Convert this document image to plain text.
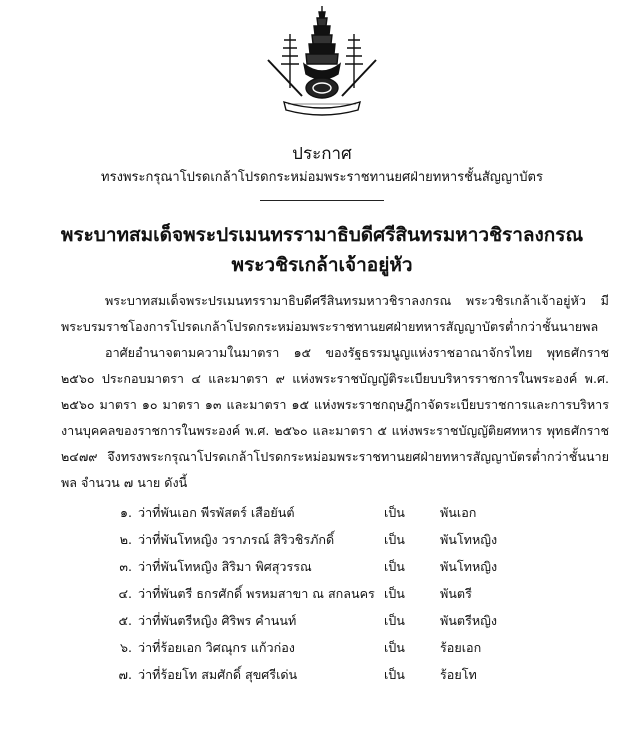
ประกาศ
ทรงพระกรุณาโปรดเกล้าโปรดกระหม่อมพระราชทานยศฝ่ายทหารชั้นสัญญาบัตร
พระบาทสมเด็จพระปรเมนทรรามาธิบดีศรีสินทรมหาวชิราลงกรณ
พระวชิรเกล้าเจ้าอยู่หัว

พระบาทสมเด็จพระปรเมนทรรามาธิบดีศรีสินทรมหาวชิราลงกรณ พระวชิรเกล้าเจ้าอยู่หัว มีพระบรมราชโองการโปรดเกล้าโปรดกระหม่อมพระราชทานยศฝ่ายทหารสัญญาบัตรต่ำกว่าชั้นนายพล

อาศัยอำนาจตามความในมาตรา ๑๕ ของรัฐธรรมนูญแห่งราชอาณาจักรไทย พุทธศักราช ๒๕๖๐ ประกอบมาตรา ๔ และมาตรา ๙ แห่งพระราชบัญญัติระเบียบบริหารราชการในพระองค์ พ.ศ. ๒๕๖๐ มาตรา ๑๐ มาตรา ๑๓ และมาตรา ๑๕ แห่งพระราชกฤษฎีกาจัดระเบียบราชการและการบริหารงานบุคคลของราชการในพระองค์ พ.ศ. ๒๕๖๐ และมาตรา ๕ แห่งพระราชบัญญัติยศทหาร พุทธศักราช ๒๔๗๙ จึงทรงพระกรุณาโปรดเกล้าโปรดกระหม่อมพระราชทานยศฝ่ายทหารสัญญาบัตรต่ำกว่าชั้นนายพล จำนวน ๗ นาย ดังนี้

๑. ว่าที่พันเอก พีรพัสตร์ เสือยันต์	เป็น	พันเอก
๒. ว่าที่พันโทหญิง วราภรณ์ สิริวชิรภักดิ์	เป็น	พันโทหญิง
๓. ว่าที่พันโทหญิง สิริมา พิศสุวรรณ	เป็น	พันโทหญิง
๔. ว่าที่พันตรี ธกรศักดิ์ พรหมสาขา ณ สกลนคร เป็น	พันตรี
๕. ว่าที่พันตรีหญิง ศิริพร คำนนท์	เป็น	พันตรีหญิง
๖. ว่าที่ร้อยเอก วิศณุกร แก้วก่อง	เป็น	ร้อยเอก
๗. ว่าที่ร้อยโท สมศักดิ์ สุขศรีเด่น	เป็น	ร้อยโท
